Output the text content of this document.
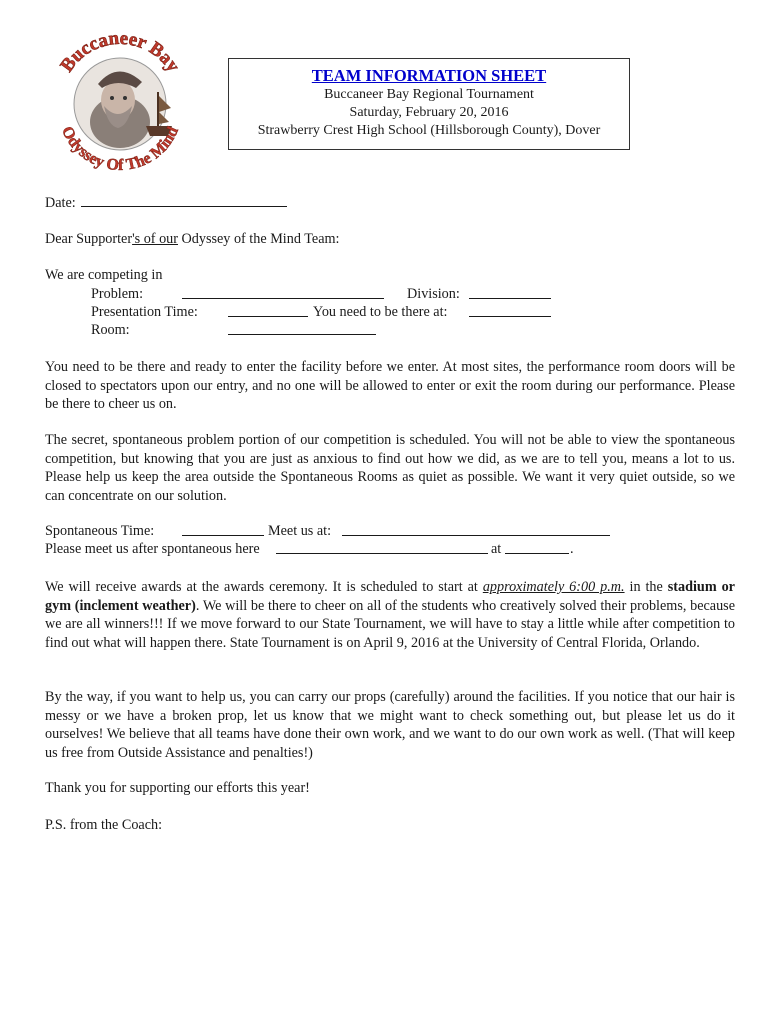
Buccaneer Bay
Odyssey Of The Mind
TEAM INFORMATION SHEET
Buccaneer Bay Regional Tournament
Saturday, February 20, 2016
Strawberry Crest High School (Hillsborough County), Dover
Date:
Dear Supporter's of our Odyssey of the Mind Team:
We are competing in
Problem:	Division:
Presentation Time:	You need to be there at:
Room:
You need to be there and ready to enter the facility before we enter. At most sites, the performance room doors will be closed to spectators upon our entry, and no one will be allowed to enter or exit the room during our performance. Please be there to cheer us on.
The secret, spontaneous problem portion of our competition is scheduled. You will not be able to view the spontaneous competition, but knowing that you are just as anxious to find out how we did, as we are to tell you, means a lot to us. Please help us keep the area outside the Spontaneous Rooms as quiet as possible. We want it very quiet outside, so we can concentrate on our solution.
Spontaneous Time:	Meet us at:
Please meet us after spontaneous here	at	.
We will receive awards at the awards ceremony. It is scheduled to start at approximately 6:00 p.m. in the stadium or gym (inclement weather). We will be there to cheer on all of the students who creatively solved their problems, because we are all winners!!! If we move forward to our State Tournament, we will have to stay a little while after competition to find out what will happen there. State Tournament is on April 9, 2016 at the University of Central Florida, Orlando.
By the way, if you want to help us, you can carry our props (carefully) around the facilities. If you notice that our hair is messy or we have a broken prop, let us know that we might want to check something out, but please let us do it ourselves! We believe that all teams have done their own work, and we want to do our own work as well. (That will keep us free from Outside Assistance and penalties!)
Thank you for supporting our efforts this year!
P.S. from the Coach:
